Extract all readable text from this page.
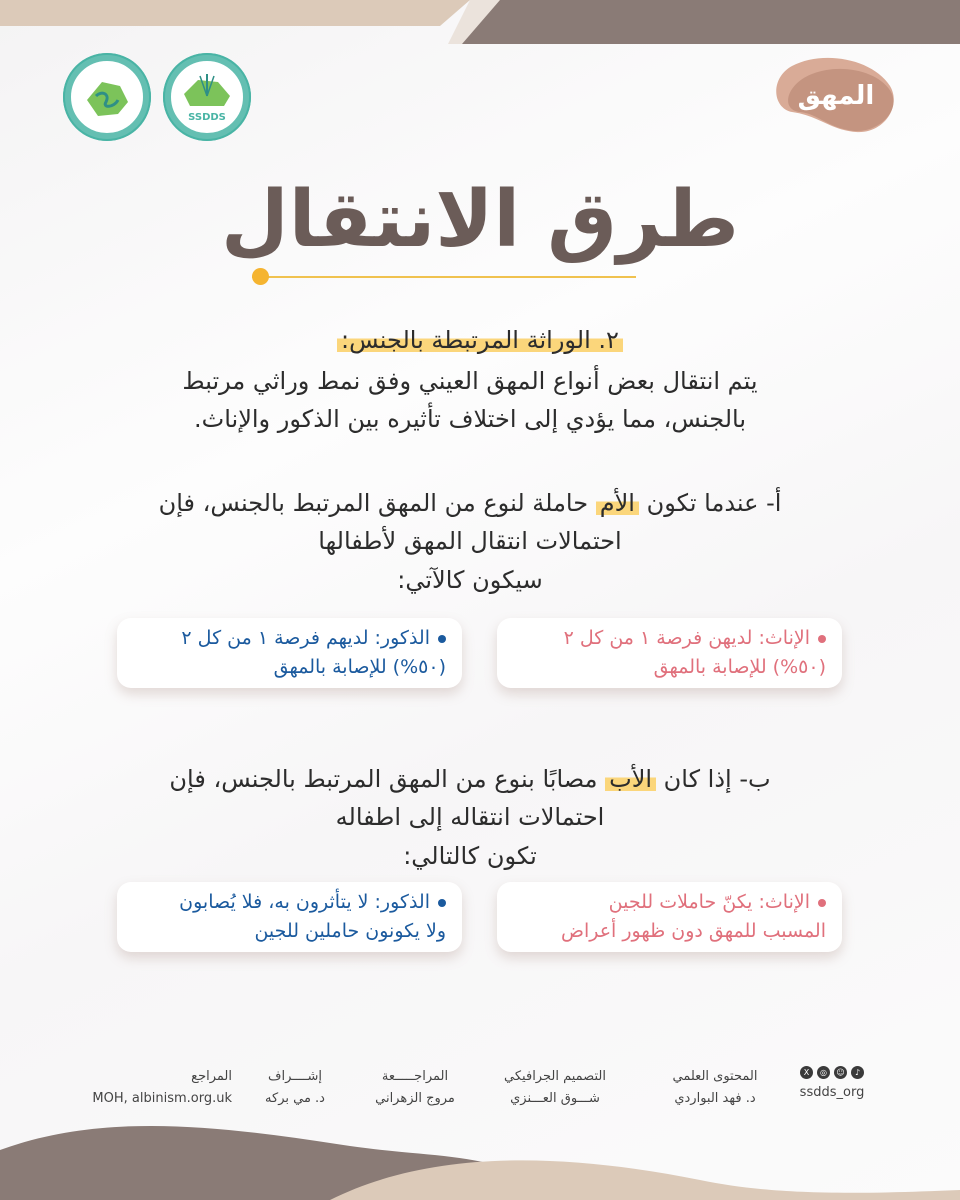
SSDDS
المهق
طرق الانتقال
٢. الوراثة المرتبطة بالجنس:
يتم انتقال بعض أنواع المهق العيني وفق نمط وراثي مرتبط
بالجنس، مما يؤدي إلى اختلاف تأثيره بين الذكور والإناث.
أ- عندما تكون الأم حاملة لنوع من المهق المرتبط بالجنس، فإن
احتمالات انتقال المهق لأطفالها
سيكون كالآتي:
الإناث: لديهن فرصة ١ من كل ٢
(٥٠%) للإصابة بالمهق
الذكور: لديهم فرصة ١ من كل ٢
(٥٠%) للإصابة بالمهق
ب- إذا كان الأب مصابًا بنوع من المهق المرتبط بالجنس، فإن
احتمالات انتقاله إلى اطفاله
تكون كالتالي:
الإناث: يكنّ حاملات للجين
المسبب للمهق دون ظهور أعراض
الذكور: لا يتأثرون به، فلا يُصابون
ولا يكونون حاملين للجين
المحتوى العلمي
د. فهد البواردي
التصميم الجرافيكي
شـــوق العـــنزي
المراجـــــعة
مروج الزهراني
إشــــراف
د. مي بركه
المراجع
MOH, albinism.org.uk
X	◎	☺	♪
ssdds_org
